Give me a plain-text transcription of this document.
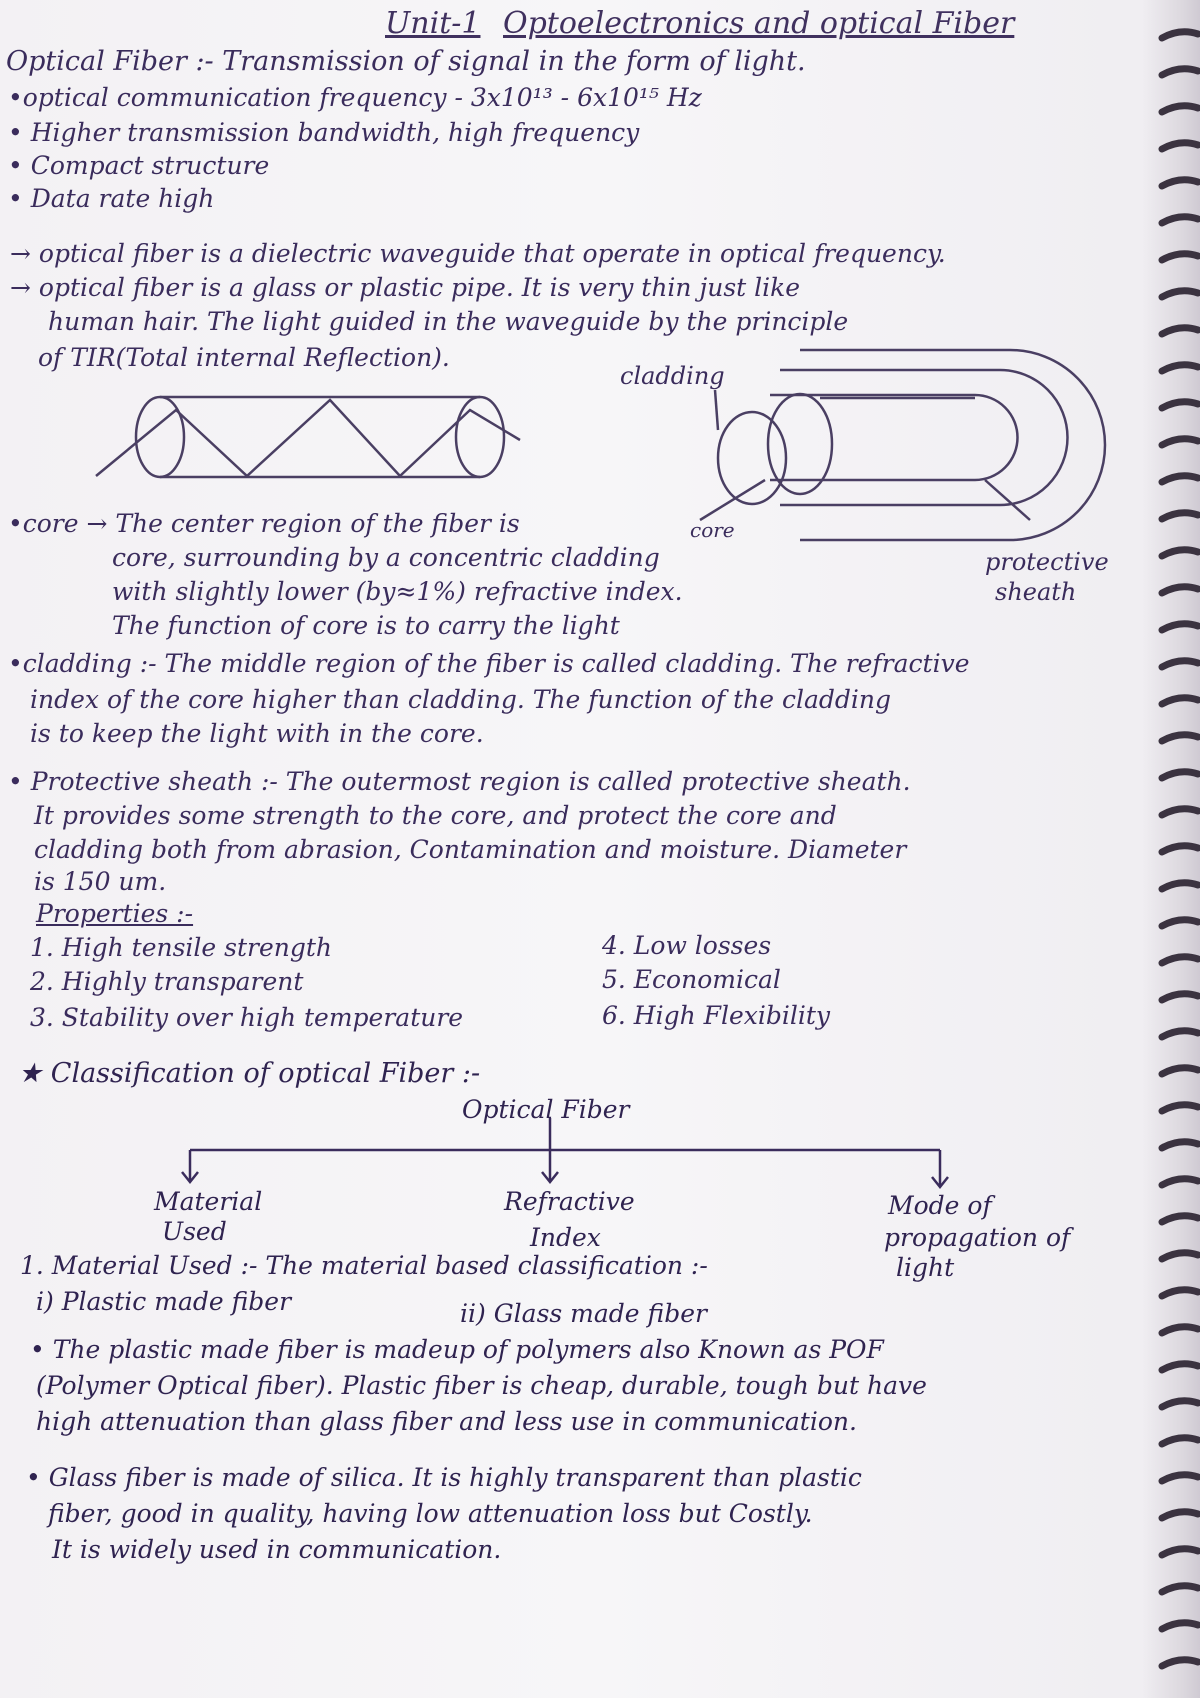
Unit-1 Optoelectronics and optical Fiber
Optical Fiber :- Transmission of signal in the form of light.
•optical communication frequency - 3x10¹³ - 6x10¹⁵ Hz
• Higher transmission bandwidth, high frequency
• Compact structure
• Data rate high
→ optical fiber is a dielectric waveguide that operate in optical frequency.
→ optical fiber is a glass or plastic pipe. It is very thin just like
human hair. The light guided in the waveguide by the principle
of TIR(Total internal Reflection).
cladding
core
protective
sheath
•core → The center region of the fiber is
core, surrounding by a concentric cladding
with slightly lower (by≈1%) refractive index.
The function of core is to carry the light
•cladding :- The middle region of the fiber is called cladding. The refractive
index of the core higher than cladding. The function of the cladding
is to keep the light with in the core.
• Protective sheath :- The outermost region is called protective sheath.
It provides some strength to the core, and protect the core and
cladding both from abrasion, Contamination and moisture. Diameter
is 150 um.
Properties :-
1. High tensile strength
2. Highly transparent
3. Stability over high temperature
4. Low losses
5. Economical
6. High Flexibility
★ Classification of optical Fiber :-
Optical Fiber
Material
Used
Refractive
Index
Mode of
propagation of
light
1. Material Used :- The material based classification :-
i) Plastic made fiber	ii) Glass made fiber
• The plastic made fiber is madeup of polymers also Known as POF
(Polymer Optical fiber). Plastic fiber is cheap, durable, tough but have
high attenuation than glass fiber and less use in communication.
• Glass fiber is made of silica. It is highly transparent than plastic
fiber, good in quality, having low attenuation loss but Costly.
It is widely used in communication.
